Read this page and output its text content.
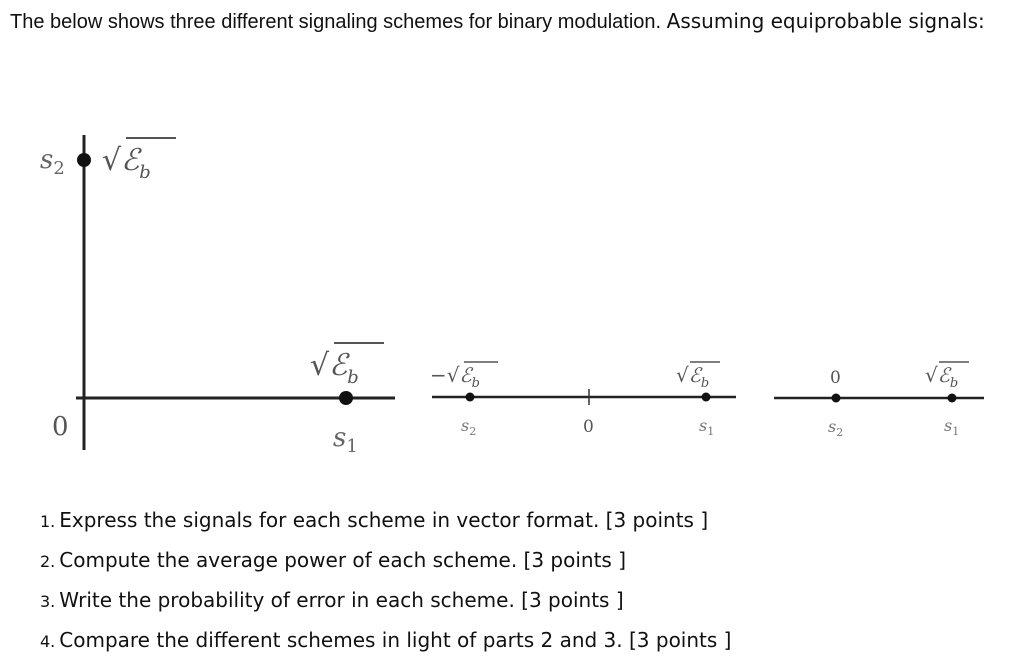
The below shows three different signaling schemes for binary modulation. Assuming equiprobable signals:

$s_2$ √ℰ$_b$
0
√ℰ$_b$
$s_1$
−√ℰ$_b$
$s_2$	0
√ℰ$_b$
$s_1$
0
$s_2$
√ℰ$_b$
$s_1$
1. Express the signals for each scheme in vector format. [3 points ]
2. Compute the average power of each scheme. [3 points ]
3. Write the probability of error in each scheme. [3 points ]
4. Compare the different schemes in light of parts 2 and 3. [3 points ]
